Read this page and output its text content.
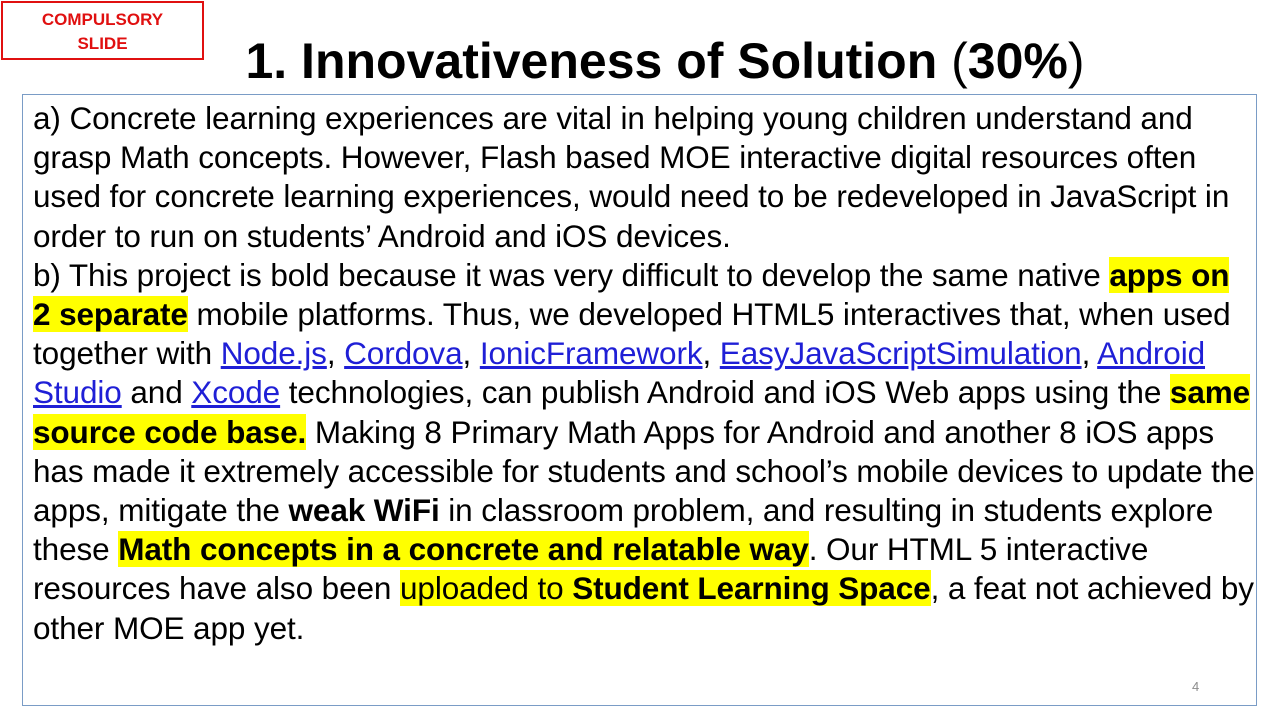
COMPULSORY
SLIDE	1. Innovativeness of Solution (30%)

a) Concrete learning experiences are vital in helping young children understand and grasp Math concepts. However, Flash based MOE interactive digital resources often used for concrete learning experiences, would need to be redeveloped in JavaScript in order to run on students’ Android and iOS devices.
b) This project is bold because it was very difficult to develop the same native apps on 2 separate mobile platforms. Thus, we developed HTML5 interactives that, when used together with Node.js, Cordova, IonicFramework, EasyJavaScriptSimulation, Android Studio and Xcode technologies, can publish Android and iOS Web apps using the same source code base. Making 8 Primary Math Apps for Android and another 8 iOS apps has made it extremely accessible for students and school’s mobile devices to update the apps, mitigate the weak WiFi in classroom problem, and resulting in students explore these Math concepts in a concrete and relatable way. Our HTML 5 interactive resources have also been uploaded to Student Learning Space, a feat not achieved by other MOE app yet.

4
